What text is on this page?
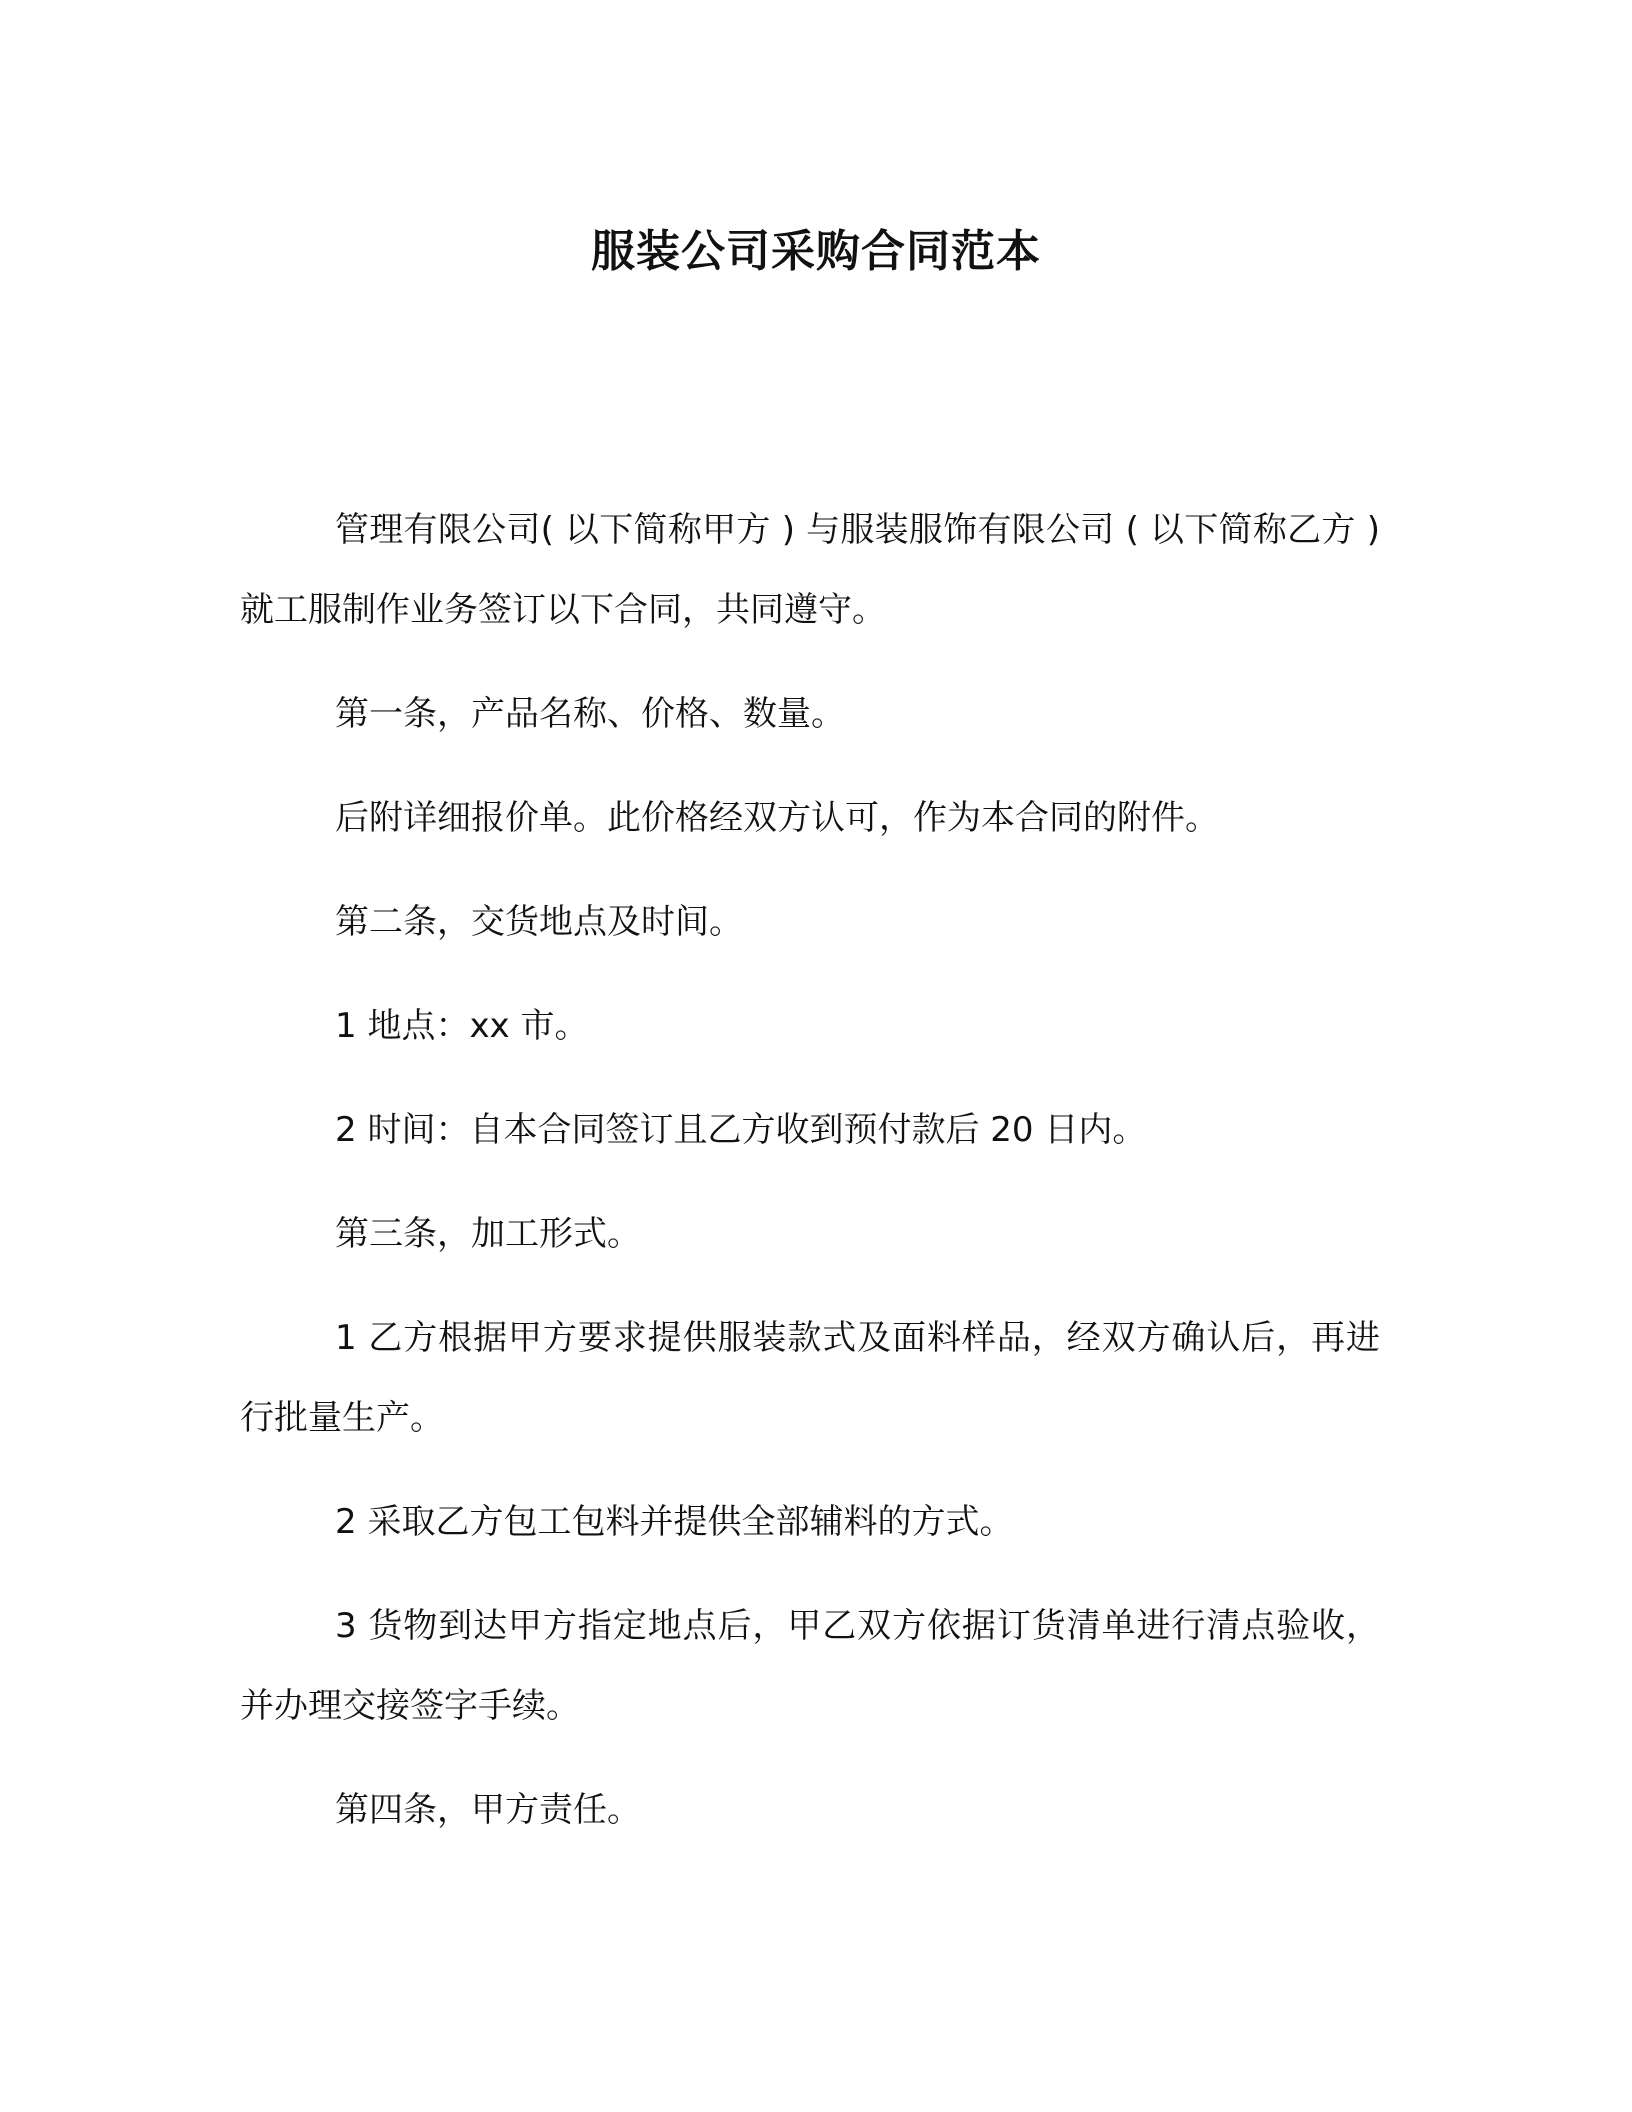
服装公司采购合同范本

管理有限公司( 以下简称甲方 ) 与服装服饰有限公司 ( 以下简称乙方 ) 就工服制作业务签订以下合同，共同遵守。

第一条，产品名称、价格、数量。

后附详细报价单。此价格经双方认可，作为本合同的附件。

第二条，交货地点及时间。

1 地点：xx 市。

2 时间：自本合同签订且乙方收到预付款后 20 日内。

第三条，加工形式。

1 乙方根据甲方要求提供服装款式及面料样品，经双方确认后，再进行批量生产。

2 采取乙方包工包料并提供全部辅料的方式。

3 货物到达甲方指定地点后，甲乙双方依据订货清单进行清点验收，并办理交接签字手续。

第四条，甲方责任。
